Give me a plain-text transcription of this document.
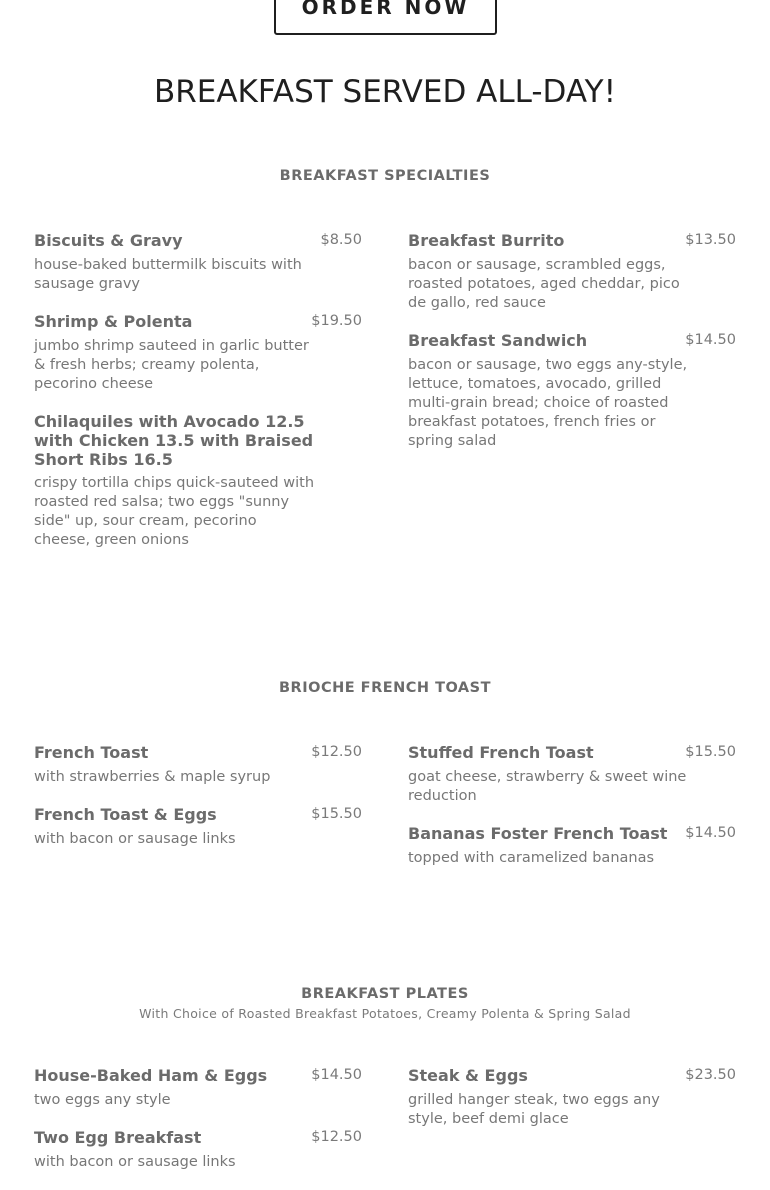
ORDER NOW
BREAKFAST SERVED ALL-DAY!
BREAKFAST SPECIALTIES
Biscuits & Gravy	$8.50
house-baked buttermilk biscuits with sausage gravy
Shrimp & Polenta	$19.50
jumbo shrimp sauteed in garlic butter & fresh herbs; creamy polenta, pecorino cheese
Chilaquiles with Avocado 12.5 with Chicken 13.5 with Braised Short Ribs 16.5
crispy tortilla chips quick-sauteed with roasted red salsa; two eggs "sunny side" up, sour cream, pecorino cheese, green onions
Breakfast Burrito	$13.50
bacon or sausage, scrambled eggs, roasted potatoes, aged cheddar, pico de gallo, red sauce
Breakfast Sandwich	$14.50
bacon or sausage, two eggs any-style, lettuce, tomatoes, avocado, grilled multi-grain bread; choice of roasted breakfast potatoes, french fries or spring salad
BRIOCHE FRENCH TOAST
French Toast	$12.50
with strawberries & maple syrup
French Toast & Eggs	$15.50
with bacon or sausage links
Stuffed French Toast	$15.50
goat cheese, strawberry & sweet wine reduction
Bananas Foster French Toast	$14.50
topped with caramelized bananas
BREAKFAST PLATES

With Choice of Roasted Breakfast Potatoes, Creamy Polenta & Spring Salad

House-Baked Ham & Eggs	$14.50
two eggs any style
Two Egg Breakfast	$12.50
with bacon or sausage links
Steak & Eggs	$23.50
grilled hanger steak, two eggs any style, beef demi glace
